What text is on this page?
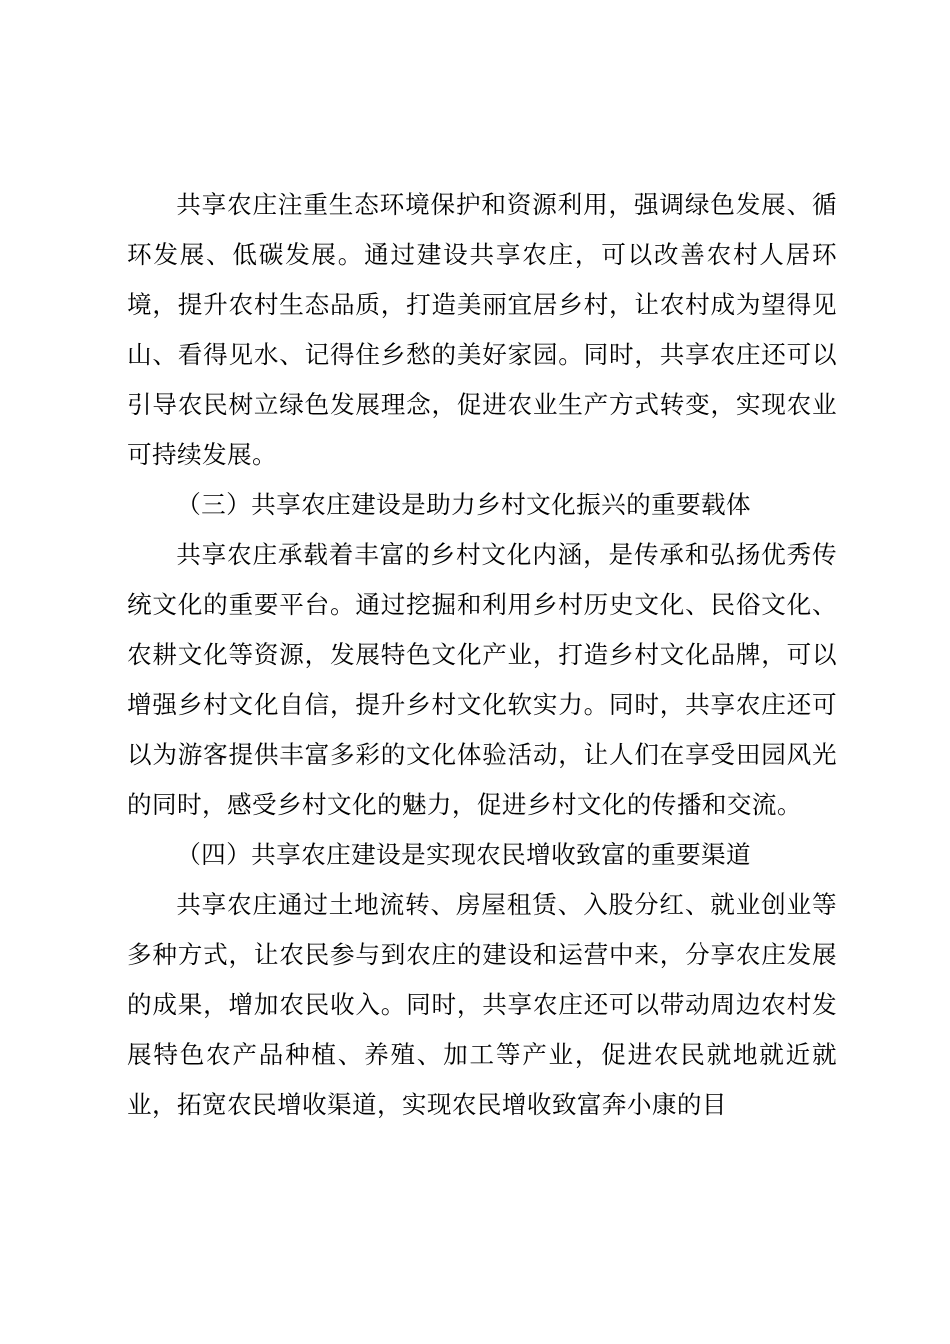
共享农庄注重生态环境保护和资源利用，强调绿色发展、循环发展、低碳发展。通过建设共享农庄，可以改善农村人居环境，提升农村生态品质，打造美丽宜居乡村，让农村成为望得见山、看得见水、记得住乡愁的美好家园。同时，共享农庄还可以引导农民树立绿色发展理念，促进农业生产方式转变，实现农业可持续发展。

（三）共享农庄建设是助力乡村文化振兴的重要载体

共享农庄承载着丰富的乡村文化内涵，是传承和弘扬优秀传统文化的重要平台。通过挖掘和利用乡村历史文化、民俗文化、农耕文化等资源，发展特色文化产业，打造乡村文化品牌，可以增强乡村文化自信，提升乡村文化软实力。同时，共享农庄还可以为游客提供丰富多彩的文化体验活动，让人们在享受田园风光的同时，感受乡村文化的魅力，促进乡村文化的传播和交流。

（四）共享农庄建设是实现农民增收致富的重要渠道

共享农庄通过土地流转、房屋租赁、入股分红、就业创业等多种方式，让农民参与到农庄的建设和运营中来，分享农庄发展的成果，增加农民收入。同时，共享农庄还可以带动周边农村发展特色农产品种植、养殖、加工等产业，促进农民就地就近就业，拓宽农民增收渠道，实现农民增收致富奔小康的目
